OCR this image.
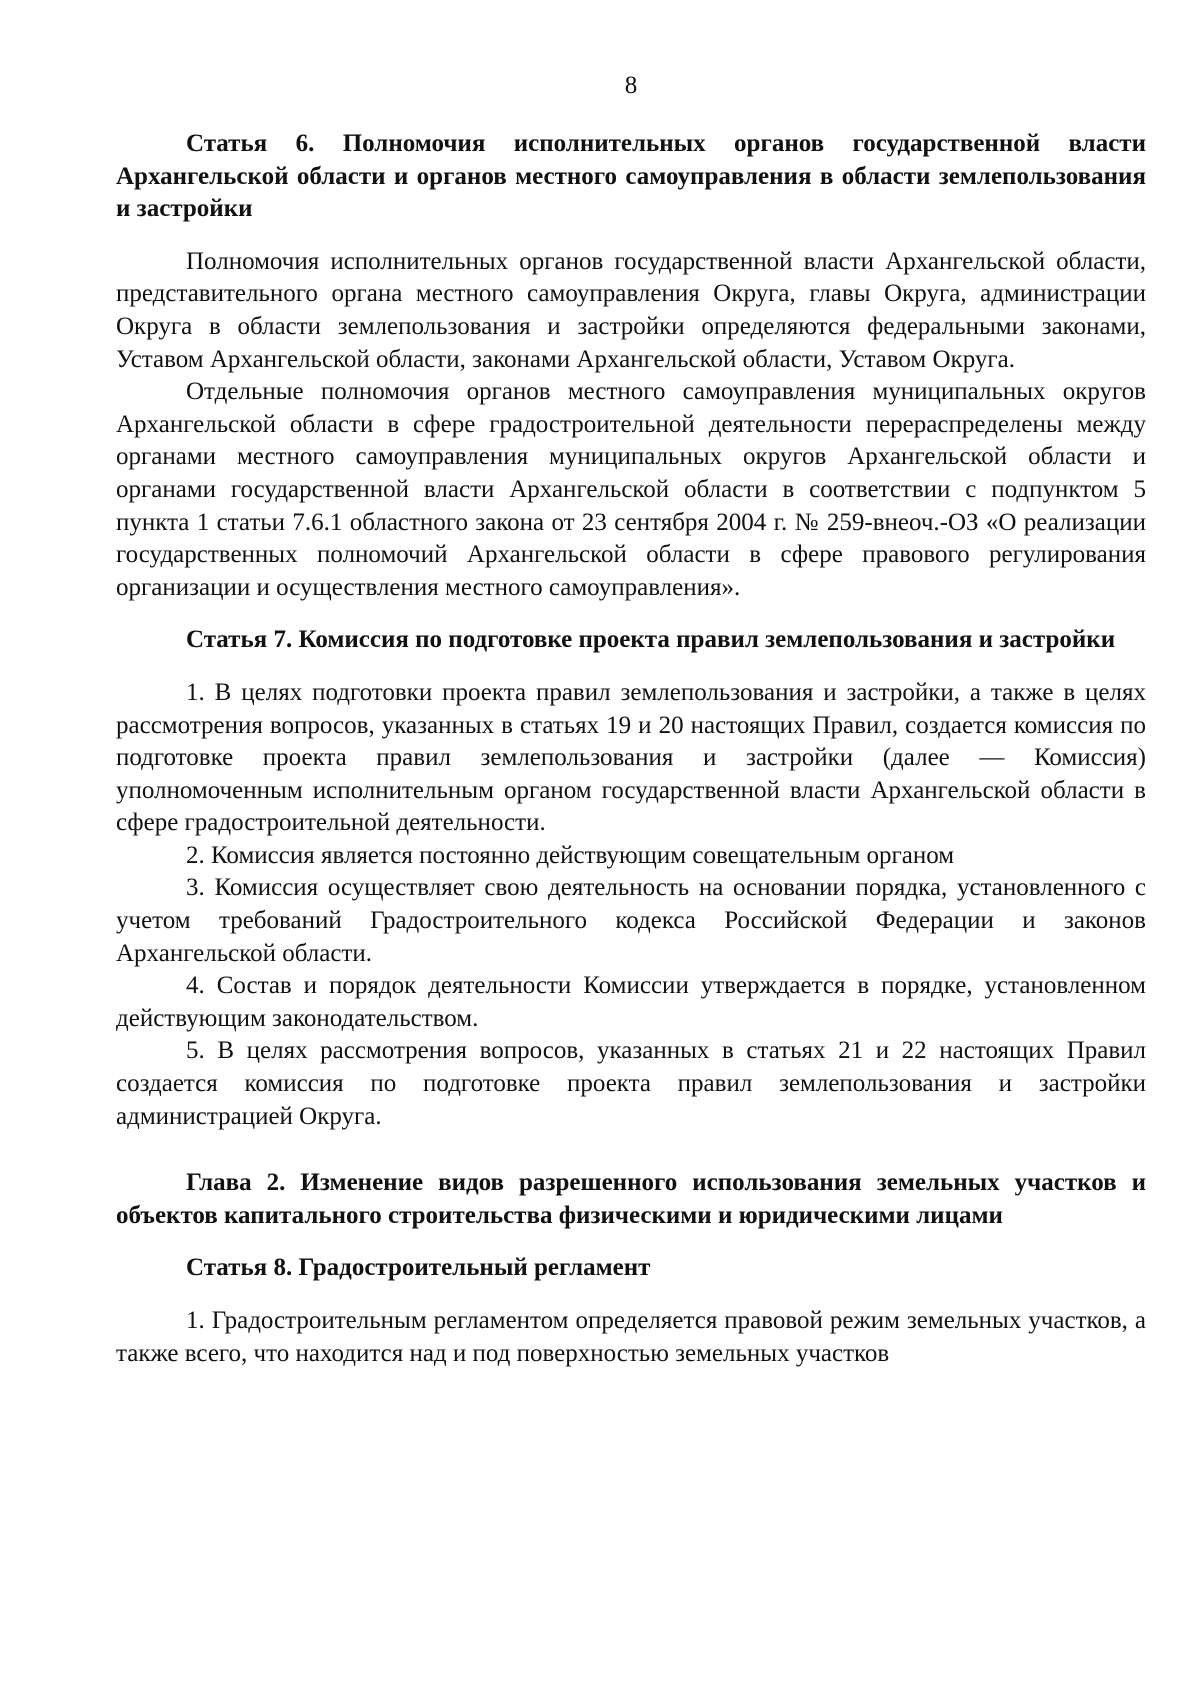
8

Статья 6. Полномочия исполнительных органов государственной власти Архангельской области и органов местного самоуправления в области землепользования и застройки

Полномочия исполнительных органов государственной власти Архангельской области, представительного органа местного самоуправления Округа, главы Округа, администрации Округа в области землепользования и застройки определяются федеральными законами, Уставом Архангельской области, законами Архангельской области, Уставом Округа.

Отдельные полномочия органов местного самоуправления муниципальных округов Архангельской области в сфере градостроительной деятельности перераспределены между органами местного самоуправления муниципальных округов Архангельской области и органами государственной власти Архангельской области в соответствии с подпунктом 5 пункта 1 статьи 7.6.1 областного закона от 23 сентября 2004 г. № 259-внеоч.-ОЗ «О реализации государственных полномочий Архангельской области в сфере правового регулирования организации и осуществления местного самоуправления».

Статья 7. Комиссия по подготовке проекта правил землепользования и застройки

1. В целях подготовки проекта правил землепользования и застройки, а также в целях рассмотрения вопросов, указанных в статьях 19 и 20 настоящих Правил, создается комиссия по подготовке проекта правил землепользования и застройки (далее — Комиссия) уполномоченным исполнительным органом государственной власти Архангельской области в сфере градостроительной деятельности.

2. Комиссия является постоянно действующим совещательным органом

3. Комиссия осуществляет свою деятельность на основании порядка, установленного с учетом требований Градостроительного кодекса Российской Федерации и законов Архангельской области.

4. Состав и порядок деятельности Комиссии утверждается в порядке, установленном действующим законодательством.

5. В целях рассмотрения вопросов, указанных в статьях 21 и 22 настоящих Правил создается комиссия по подготовке проекта правил землепользования и застройки администрацией Округа.

Глава 2. Изменение видов разрешенного использования земельных участков и объектов капитального строительства физическими и юридическими лицами

Статья 8. Градостроительный регламент

1. Градостроительным регламентом определяется правовой режим земельных участков, а также всего, что находится над и под поверхностью земельных участков
